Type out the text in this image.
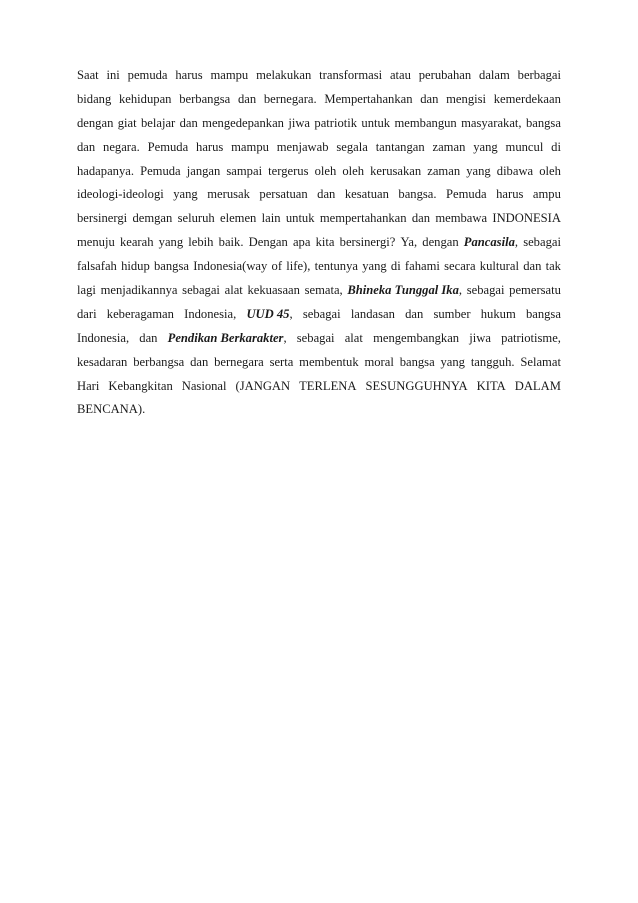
Saat ini pemuda harus mampu melakukan transformasi atau perubahan dalam berbagai
bidang kehidupan berbangsa dan bernegara. Mempertahankan dan mengisi kemerdekaan
dengan giat belajar dan mengedepankan jiwa patriotik untuk membangun masyarakat, bangsa
dan negara. Pemuda harus mampu menjawab segala tantangan zaman yang muncul di
hadapanya. Pemuda jangan sampai tergerus oleh oleh kerusakan zaman yang dibawa oleh
ideologi-ideologi yang merusak persatuan dan kesatuan bangsa. Pemuda harus ampu
bersinergi demgan seluruh elemen lain untuk mempertahankan dan membawa INDONESIA
menuju kearah yang lebih baik. Dengan apa kita bersinergi? Ya, dengan Pancasila, sebagai
falsafah hidup bangsa Indonesia(way of life), tentunya yang di fahami secara kultural dan tak
lagi menjadikannya sebagai alat kekuasaan semata, Bhineka Tunggal Ika, sebagai pemersatu
dari keberagaman Indonesia, UUD 45, sebagai landasan dan sumber hukum bangsa
Indonesia, dan Pendikan Berkarakter, sebagai alat mengembangkan jiwa patriotisme,
kesadaran berbangsa dan bernegara serta membentuk moral bangsa yang tangguh. Selamat
Hari Kebangkitan Nasional (JANGAN TERLENA SESUNGGUHNYA KITA DALAM
BENCANA).
